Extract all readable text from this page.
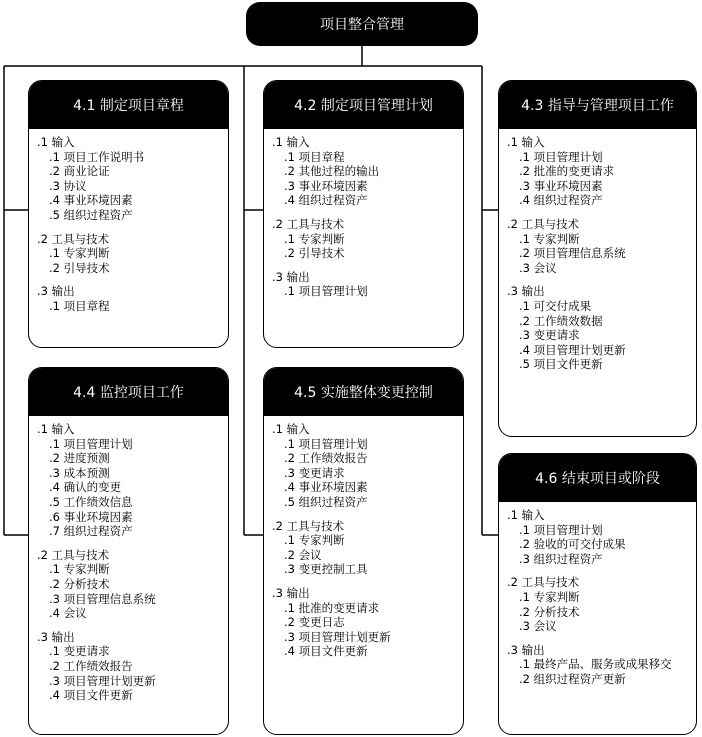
项目整合管理
4.1 制定项目章程
.1 输入
.1 项目工作说明书
.2 商业论证
.3 协议
.4 事业环境因素
.5 组织过程资产
.2 工具与技术
.1 专家判断
.2 引导技术
.3 输出
.1 项目章程
4.2 制定项目管理计划
.1 输入
.1 项目章程
.2 其他过程的输出
.3 事业环境因素
.4 组织过程资产
.2 工具与技术
.1 专家判断
.2 引导技术
.3 输出
.1 项目管理计划
4.3 指导与管理项目工作
.1 输入
.1 项目管理计划
.2 批准的变更请求
.3 事业环境因素
.4 组织过程资产
.2 工具与技术
.1 专家判断
.2 项目管理信息系统
.3 会议
.3 输出
.1 可交付成果
.2 工作绩效数据
.3 变更请求
.4 项目管理计划更新
.5 项目文件更新
4.4 监控项目工作
.1 输入
.1 项目管理计划
.2 进度预测
.3 成本预测
.4 确认的变更
.5 工作绩效信息
.6 事业环境因素
.7 组织过程资产
.2 工具与技术
.1 专家判断
.2 分析技术
.3 项目管理信息系统
.4 会议
.3 输出
.1 变更请求
.2 工作绩效报告
.3 项目管理计划更新
.4 项目文件更新
4.5 实施整体变更控制
.1 输入
.1 项目管理计划
.2 工作绩效报告
.3 变更请求
.4 事业环境因素
.5 组织过程资产
.2 工具与技术
.1 专家判断
.2 会议
.3 变更控制工具
.3 输出
.1 批准的变更请求
.2 变更日志
.3 项目管理计划更新
.4 项目文件更新
4.6 结束项目或阶段
.1 输入
.1 项目管理计划
.2 验收的可交付成果
.3 组织过程资产
.2 工具与技术
.1 专家判断
.2 分析技术
.3 会议
.3 输出
.1 最终产品、服务或成果移交
.2 组织过程资产更新
